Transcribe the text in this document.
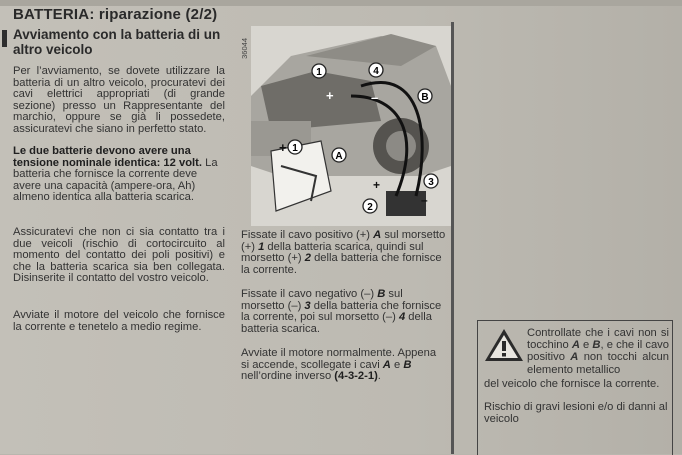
BATTERIA: riparazione (2/2)
Avviamento con la batteria di un altro veicolo
Per l’avviamento, se dovete utilizzare la batteria di un altro veicolo, procuratevi dei cavi elettrici appropriati (di grande sezione) presso un Rappresentante del marchio, oppure se già li possedete, assicuratevi che siano in perfetto stato.
Le due batterie devono avere una tensione nominale identica: 12 volt. La batteria che fornisce la corrente deve avere una capacità (ampere-ora, Ah) almeno identica alla batteria scarica.
Assicuratevi che non ci sia contatto tra i due veicoli (rischio di cortocircuito al momento del contatto dei poli positivi) e che la batteria scarica sia ben collegata. Disinserite il contatto del vostro veicolo.
Avviate il motore del veicolo che fornisce la corrente e tenetelo a medio regime.
36044
1	4
B
A
3
2
1
+
+	–
+
–
Fissate il cavo positivo (+) A sul morsetto (+) 1 della batteria scarica, quindi sul morsetto (+) 2 della batteria che fornisce la corrente.
Fissate il cavo negativo (–) B sul morsetto (–) 3 della batteria che fornisce la corrente, poi sul morsetto (–) 4 della batteria scarica.
Avviate il motore normalmente. Appena si accende, scollegate i cavi A e B nell’ordine inverso (4-3-2-1).
Controllate che i cavi non si tocchino A e B, e che il cavo positivo A non tocchi alcun elemento metallico
del veicolo che fornisce la corrente.
Rischio di gravi lesioni e/o di danni al veicolo
